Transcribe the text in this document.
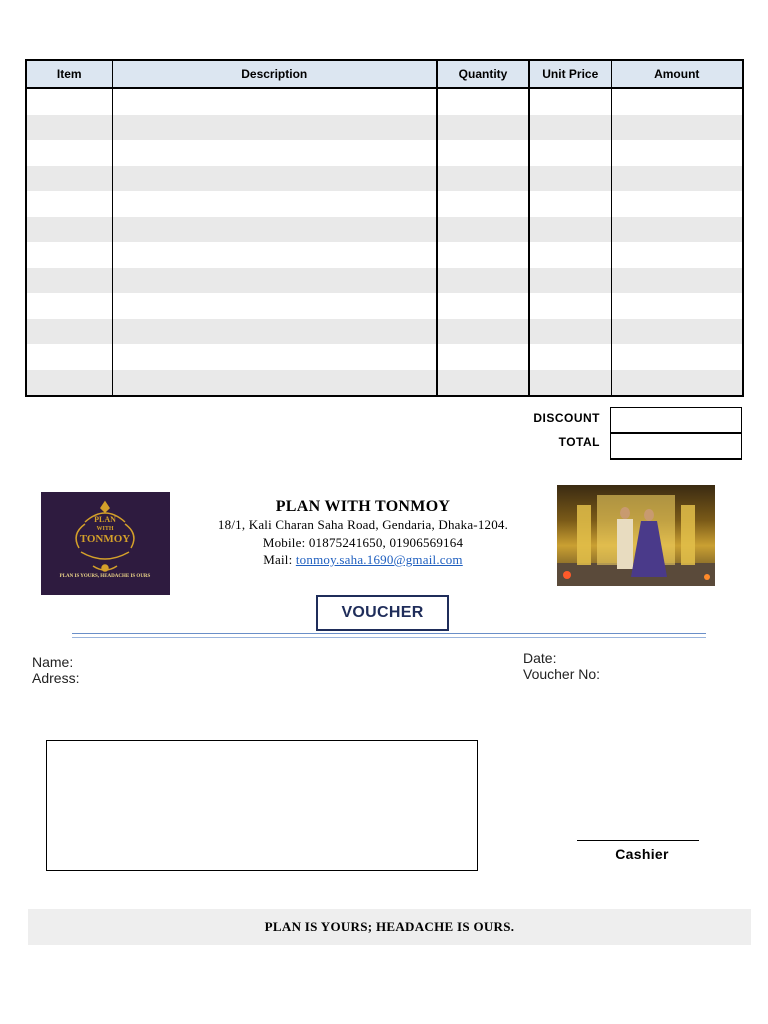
Item	Description	Quantity	Unit Price	Amount

DISCOUNT
TOTAL
PLAN
WITH
TONMOY
PLAN IS YOURS, HEADACHE IS OURS
PLAN WITH TONMOY
18/1, Kali Charan Saha Road, Gendaria, Dhaka-1204.
Mobile: 01875241650, 01906569164
Mail: tonmoy.saha.1690@gmail.com
VOUCHER
Name:
Adress:
Date:
Voucher No:
Cashier
PLAN IS YOURS; HEADACHE IS OURS.
